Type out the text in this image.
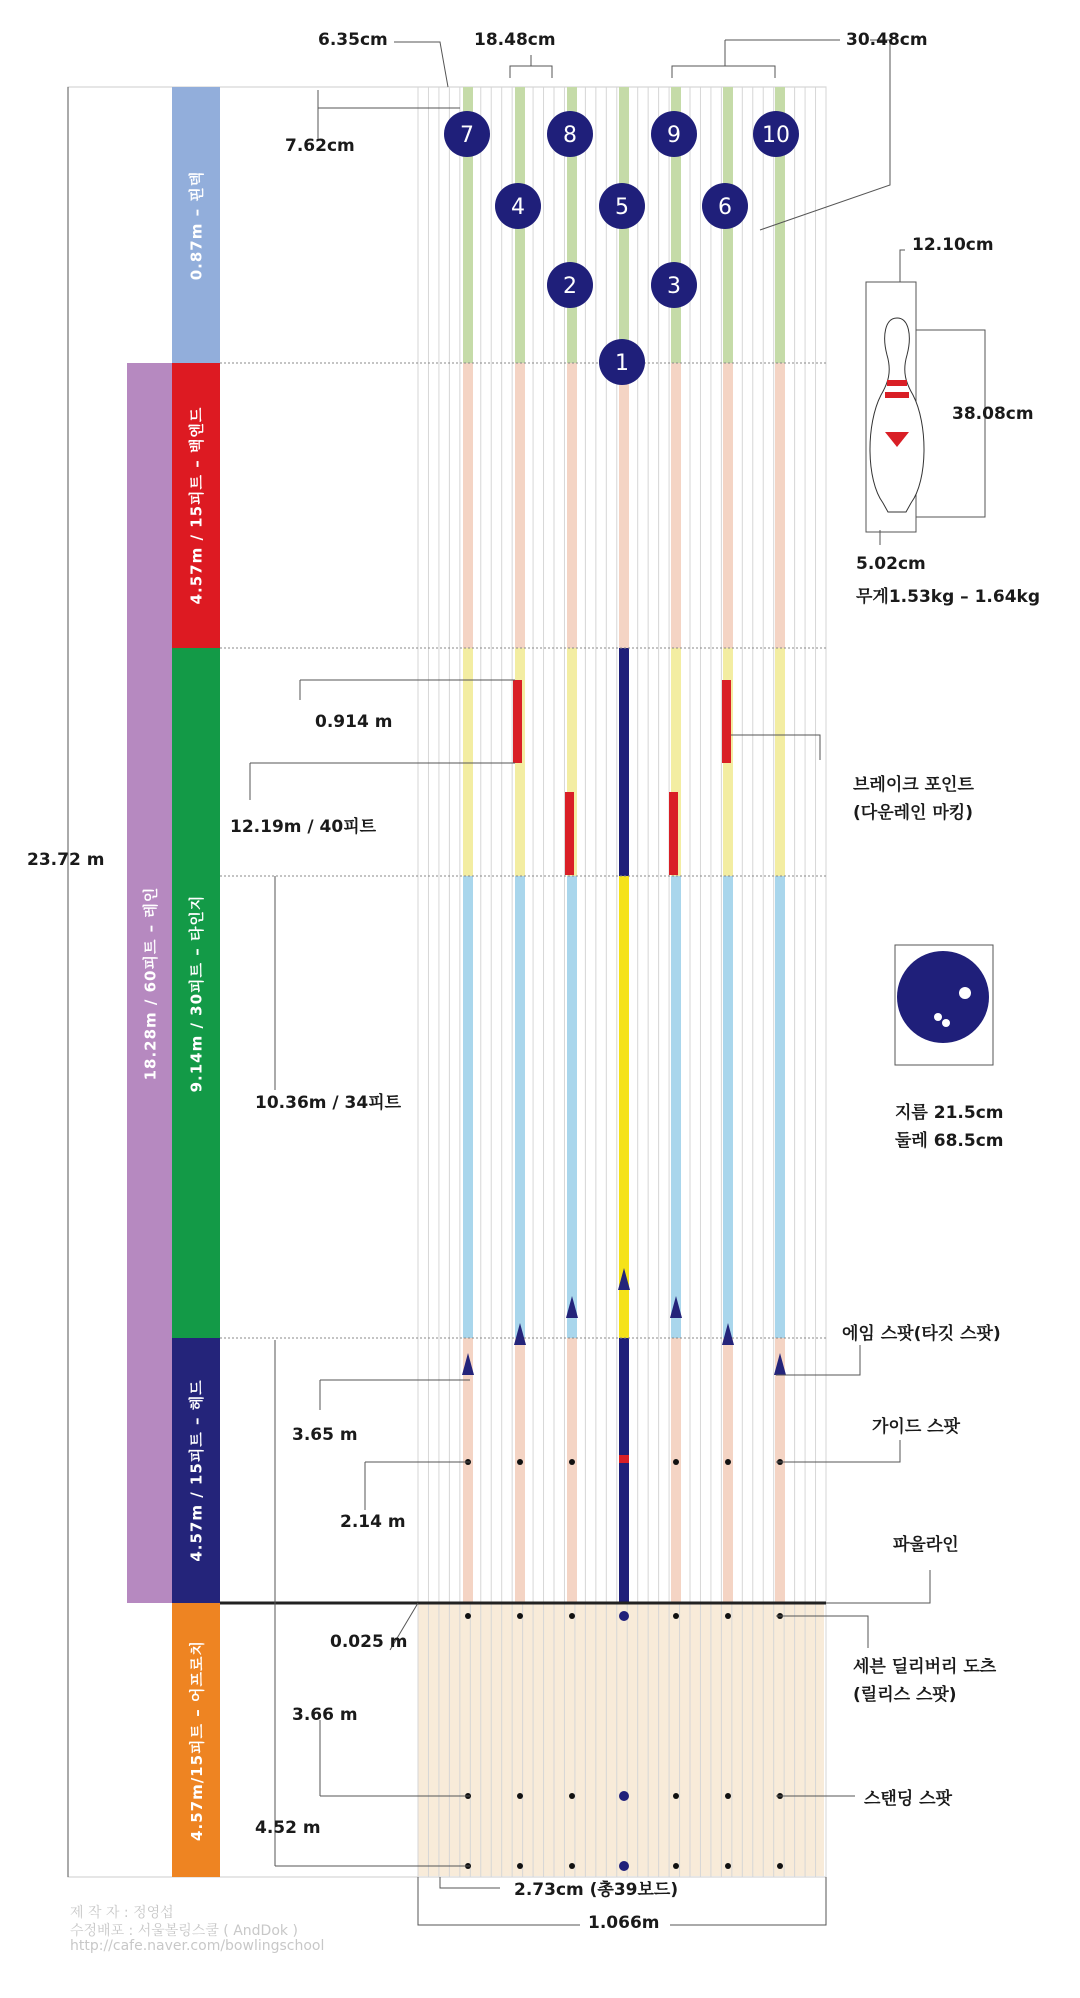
1
2	3
4	5	6
7	8	9	10
0.87m – 핀덱
18.28m / 60피트 – 레인
4.57m / 15피트 – 백엔드
9.14m / 30피트 – 타인지
4.57m / 15피트 – 헤드
4.57m/15피트 – 어프로치
6.35cm	18.48cm	30.48cm
7.62cm
23.72 m
0.914 m
12.19m / 40피트
10.36m / 34피트
3.65 m
2.14 m
0.025 m
3.66 m
4.52 m
2.73cm (총39보드)
1.066m
12.10cm
38.08cm
5.02cm
무게1.53kg – 1.64kg
지름 21.5cm
둘레 68.5cm
브레이크 포인트
(다운레인 마킹)
에임 스팟(타깃 스팟)
가이드 스팟
파울라인
세븐 딜리버리 도츠
(릴리스 스팟)
스탠딩 스팟
제 작 자 : 정영섭
수정배포 : 서울볼링스쿨 ( AndDok )
http://cafe.naver.com/bowlingschool
